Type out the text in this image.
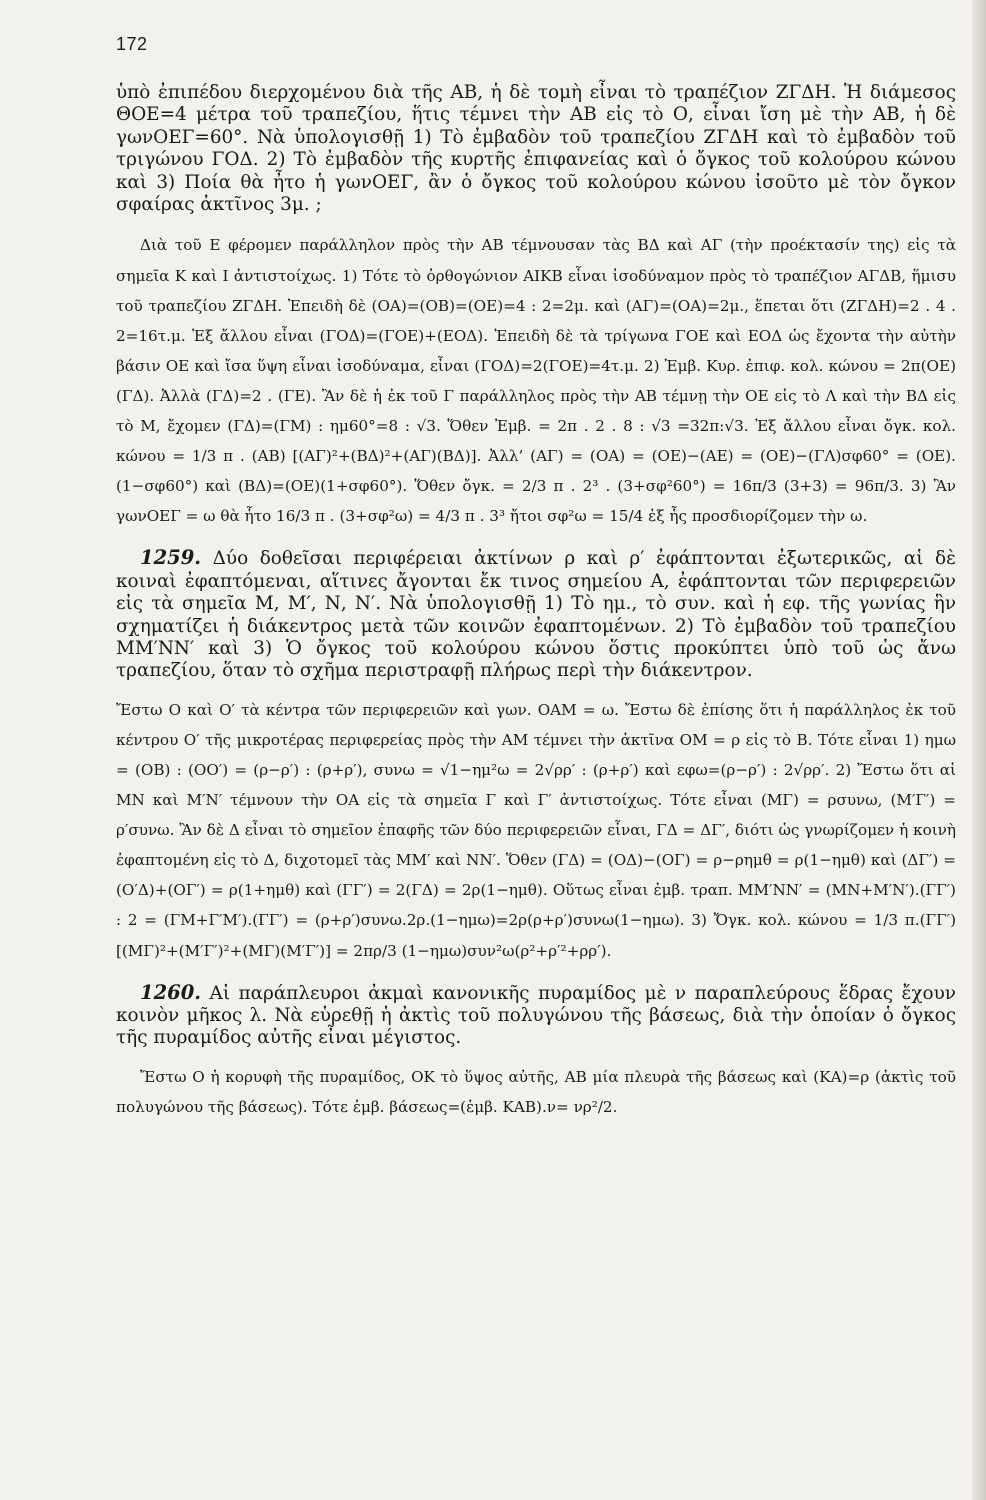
172

ὑπὸ ἐπιπέδου διερχομένου διὰ τῆς ΑΒ, ἡ δὲ τομὴ εἶναι τὸ τραπέζιον ΖΓΔΗ. Ἡ διάμεσος ΘΟΕ=4 μέτρα τοῦ τραπεζίου, ἥτις τέμνει τὴν ΑΒ εἰς τὸ Ο, εἶναι ἴση μὲ τὴν ΑΒ, ἡ δὲ γωνΟΕΓ=60°. Νὰ ὑπολογισθῇ 1) Τὸ ἐμβαδὸν τοῦ τραπεζίου ΖΓΔΗ καὶ τὸ ἐμβαδὸν τοῦ τριγώνου ΓΟΔ. 2) Τὸ ἐμβαδὸν τῆς κυρτῆς ἐπιφανείας καὶ ὁ ὄγκος τοῦ κολούρου κώνου καὶ 3) Ποία θὰ ἦτο ἡ γωνΟΕΓ, ἂν ὁ ὄγκος τοῦ κολούρου κώνου ἰσοῦτο μὲ τὸν ὄγκον σφαίρας ἀκτῖνος 3μ. ;

Διὰ τοῦ Ε φέρομεν παράλληλον πρὸς τὴν ΑΒ τέμνουσαν τὰς ΒΔ καὶ ΑΓ (τὴν προέκτασίν της) εἰς τὰ σημεῖα Κ καὶ Ι ἀντιστοίχως. 1) Τότε τὸ ὀρθογώνιον ΑΙΚΒ εἶναι ἰσοδύναμον πρὸς τὸ τραπέζιον ΑΓΔΒ, ἥμισυ τοῦ τραπεζίου ΖΓΔΗ. Ἐπειδὴ δὲ (ΟΑ)=(ΟΒ)=(ΟΕ)=4 : 2=2μ. καὶ (ΑΓ)=(ΟΑ)=2μ., ἕπεται ὅτι (ΖΓΔΗ)=2 . 4 . 2=16τ.μ. Ἐξ ἄλλου εἶναι (ΓΟΔ)=(ΓΟΕ)+(ΕΟΔ). Ἐπειδὴ δὲ τὰ τρίγωνα ΓΟΕ καὶ ΕΟΔ ὡς ἔχοντα τὴν αὐτὴν βάσιν ΟΕ καὶ ἴσα ὕψη εἶναι ἰσοδύναμα, εἶναι (ΓΟΔ)=2(ΓΟΕ)=4τ.μ. 2) Ἐμβ. Κυρ. ἐπιφ. κολ. κώνου = 2π(ΟΕ)(ΓΔ). Ἀλλὰ (ΓΔ)=2 . (ΓΕ). Ἂν δὲ ἡ ἐκ τοῦ Γ παράλληλος πρὸς τὴν ΑΒ τέμνῃ τὴν ΟΕ εἰς τὸ Λ καὶ τὴν ΒΔ εἰς τὸ Μ, ἔχομεν (ΓΔ)=(ΓΜ) : ημ60°=8 : √3. Ὅθεν Ἐμβ. = 2π . 2 . 8 : √3 =32π:√3. Ἐξ ἄλλου εἶναι ὄγκ. κολ. κώνου = 1/3 π . (ΑΒ) [(ΑΓ)²+(ΒΔ)²+(ΑΓ)(ΒΔ)]. Ἀλλ’ (ΑΓ) = (ΟΑ) = (ΟΕ)−(ΑΕ) = (ΟΕ)−(ΓΛ)σφ60° = (ΟΕ).(1−σφ60°) καὶ (ΒΔ)=(ΟΕ)(1+σφ60°). Ὅθεν ὄγκ. = 2/3 π . 2³ . (3+σφ²60°) = 16π/3 (3+3) = 96π/3. 3) Ἂν γωνΟΕΓ = ω θὰ ἦτο 16/3 π . (3+σφ²ω) = 4/3 π . 3³ ἤτοι σφ²ω = 15/4 ἐξ ἧς προσδιορίζομεν τὴν ω.

1259. Δύο δοθεῖσαι περιφέρειαι ἀκτίνων ρ καὶ ρ′ ἐφάπτονται ἐξωτερικῶς, αἱ δὲ κοιναὶ ἐφαπτόμεναι, αἵτινες ἄγονται ἔκ τινος σημείου Α, ἐφάπτονται τῶν περιφερειῶν εἰς τὰ σημεῖα Μ, Μ′, Ν, Ν′. Νὰ ὑπολογισθῇ 1) Τὸ ημ., τὸ συν. καὶ ἡ εφ. τῆς γωνίας ἣν σχηματίζει ἡ διάκεντρος μετὰ τῶν κοινῶν ἐφαπτομένων. 2) Τὸ ἐμβαδὸν τοῦ τραπεζίου ΜΜ′ΝΝ′ καὶ 3) Ὁ ὄγκος τοῦ κολούρου κώνου ὅστις προκύπτει ὑπὸ τοῦ ὡς ἄνω τραπεζίου, ὅταν τὸ σχῆμα περιστραφῇ πλήρως περὶ τὴν διάκεντρον.

Ἔστω Ο καὶ Ο′ τὰ κέντρα τῶν περιφερειῶν καὶ γων. ΟΑΜ = ω. Ἔστω δὲ ἐπίσης ὅτι ἡ παράλληλος ἐκ τοῦ κέντρου Ο′ τῆς μικροτέρας περιφερείας πρὸς τὴν ΑΜ τέμνει τὴν ἀκτῖνα ΟΜ = ρ εἰς τὸ Β. Τότε εἶναι 1) ημω = (ΟΒ) : (ΟΟ′) = (ρ−ρ′) : (ρ+ρ′), συνω = √1−ημ²ω = 2√ρρ′ : (ρ+ρ′) καὶ εφω=(ρ−ρ′) : 2√ρρ′. 2) Ἔστω ὅτι αἱ ΜΝ καὶ Μ′Ν′ τέμνουν τὴν ΟΑ εἰς τὰ σημεῖα Γ καὶ Γ′ ἀντιστοίχως. Τότε εἶναι (ΜΓ) = ρσυνω, (Μ′Γ′) = ρ′συνω. Ἂν δὲ Δ εἶναι τὸ σημεῖον ἐπαφῆς τῶν δύο περιφερειῶν εἶναι, ΓΔ = ΔΓ′, διότι ὡς γνωρίζομεν ἡ κοινὴ ἐφαπτομένη εἰς τὸ Δ, διχοτομεῖ τὰς ΜΜ′ καὶ ΝΝ′. Ὅθεν (ΓΔ) = (ΟΔ)−(ΟΓ) = ρ−ρημθ = ρ(1−ημθ) καὶ (ΔΓ′) = (Ο′Δ)+(ΟΓ′) = ρ(1+ημθ) καὶ (ΓΓ′) = 2(ΓΔ) = 2ρ(1−ημθ). Οὕτως εἶναι ἐμβ. τραπ. ΜΜ′ΝΝ′ = (ΜΝ+Μ′Ν′).(ΓΓ′) : 2 = (ΓΜ+Γ′Μ′).(ΓΓ′) = (ρ+ρ′)συνω.2ρ.(1−ημω)=2ρ(ρ+ρ′)συνω(1−ημω). 3) Ὄγκ. κολ. κώνου = 1/3 π.(ΓΓ′)[(ΜΓ)²+(Μ′Γ′)²+(ΜΓ)(Μ′Γ′)] = 2πρ/3 (1−ημω)συν²ω(ρ²+ρ′²+ρρ′).

1260. Αἱ παράπλευροι ἀκμαὶ κανονικῆς πυραμίδος μὲ ν παραπλεύρους ἕδρας ἔχουν κοινὸν μῆκος λ. Νὰ εὑρεθῇ ἡ ἀκτὶς τοῦ πολυγώνου τῆς βάσεως, διὰ τὴν ὁποίαν ὁ ὄγκος τῆς πυραμίδος αὐτῆς εἶναι μέγιστος.

Ἔστω Ο ἡ κορυφὴ τῆς πυραμίδος, ΟΚ τὸ ὕψος αὐτῆς, ΑΒ μία πλευρὰ τῆς βάσεως καὶ (ΚΑ)=ρ (ἀκτὶς τοῦ πολυγώνου τῆς βάσεως). Τότε ἐμβ. βάσεως=(ἐμβ. ΚΑΒ).ν= νρ²/2.
